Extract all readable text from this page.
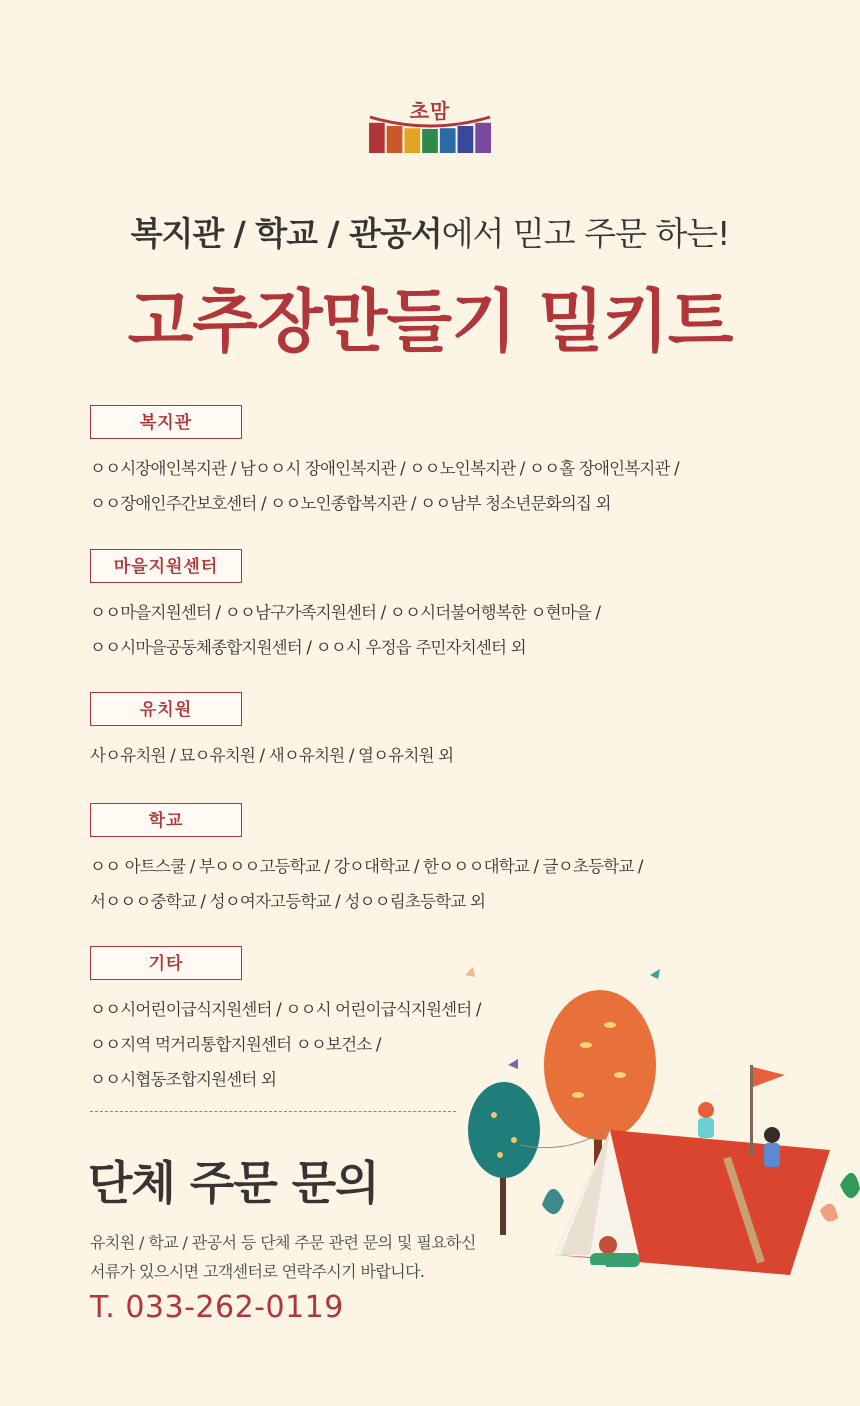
초맘
복지관 / 학교 / 관공서에서 믿고 주문 하는!
고추장만들기 밀키트
복지관
ㅇㅇ시장애인복지관 / 남ㅇㅇ시 장애인복지관 / ㅇㅇ노인복지관 / ㅇㅇ홀 장애인복지관 /
ㅇㅇ장애인주간보호센터 / ㅇㅇ노인종합복지관 / ㅇㅇ남부 청소년문화의집 외
마을지원센터
ㅇㅇ마을지원센터 / ㅇㅇ남구가족지원센터 / ㅇㅇ시더불어행복한 ㅇ현마을 /
ㅇㅇ시마을공동체종합지원센터 / ㅇㅇ시 우정읍 주민자치센터 외
유치원
사ㅇ유치원 / 묘ㅇ유치원 / 새ㅇ유치원 / 열ㅇ유치원 외
학교
ㅇㅇ 아트스쿨 / 부ㅇㅇㅇ고등학교 / 강ㅇ대학교 / 한ㅇㅇㅇ대학교 / 글ㅇ초등학교 /
서ㅇㅇㅇ중학교 / 성ㅇ여자고등학교 / 성ㅇㅇ림초등학교 외
기타
ㅇㅇ시어린이급식지원센터 / ㅇㅇ시 어린이급식지원센터 /
ㅇㅇ지역 먹거리통합지원센터 ㅇㅇ보건소 /
ㅇㅇ시협동조합지원센터 외
단체 주문 문의
유치원 / 학교 / 관공서 등 단체 주문 관련 문의 및 필요하신
서류가 있으시면 고객센터로 연락주시기 바랍니다.
T. 033-262-0119
